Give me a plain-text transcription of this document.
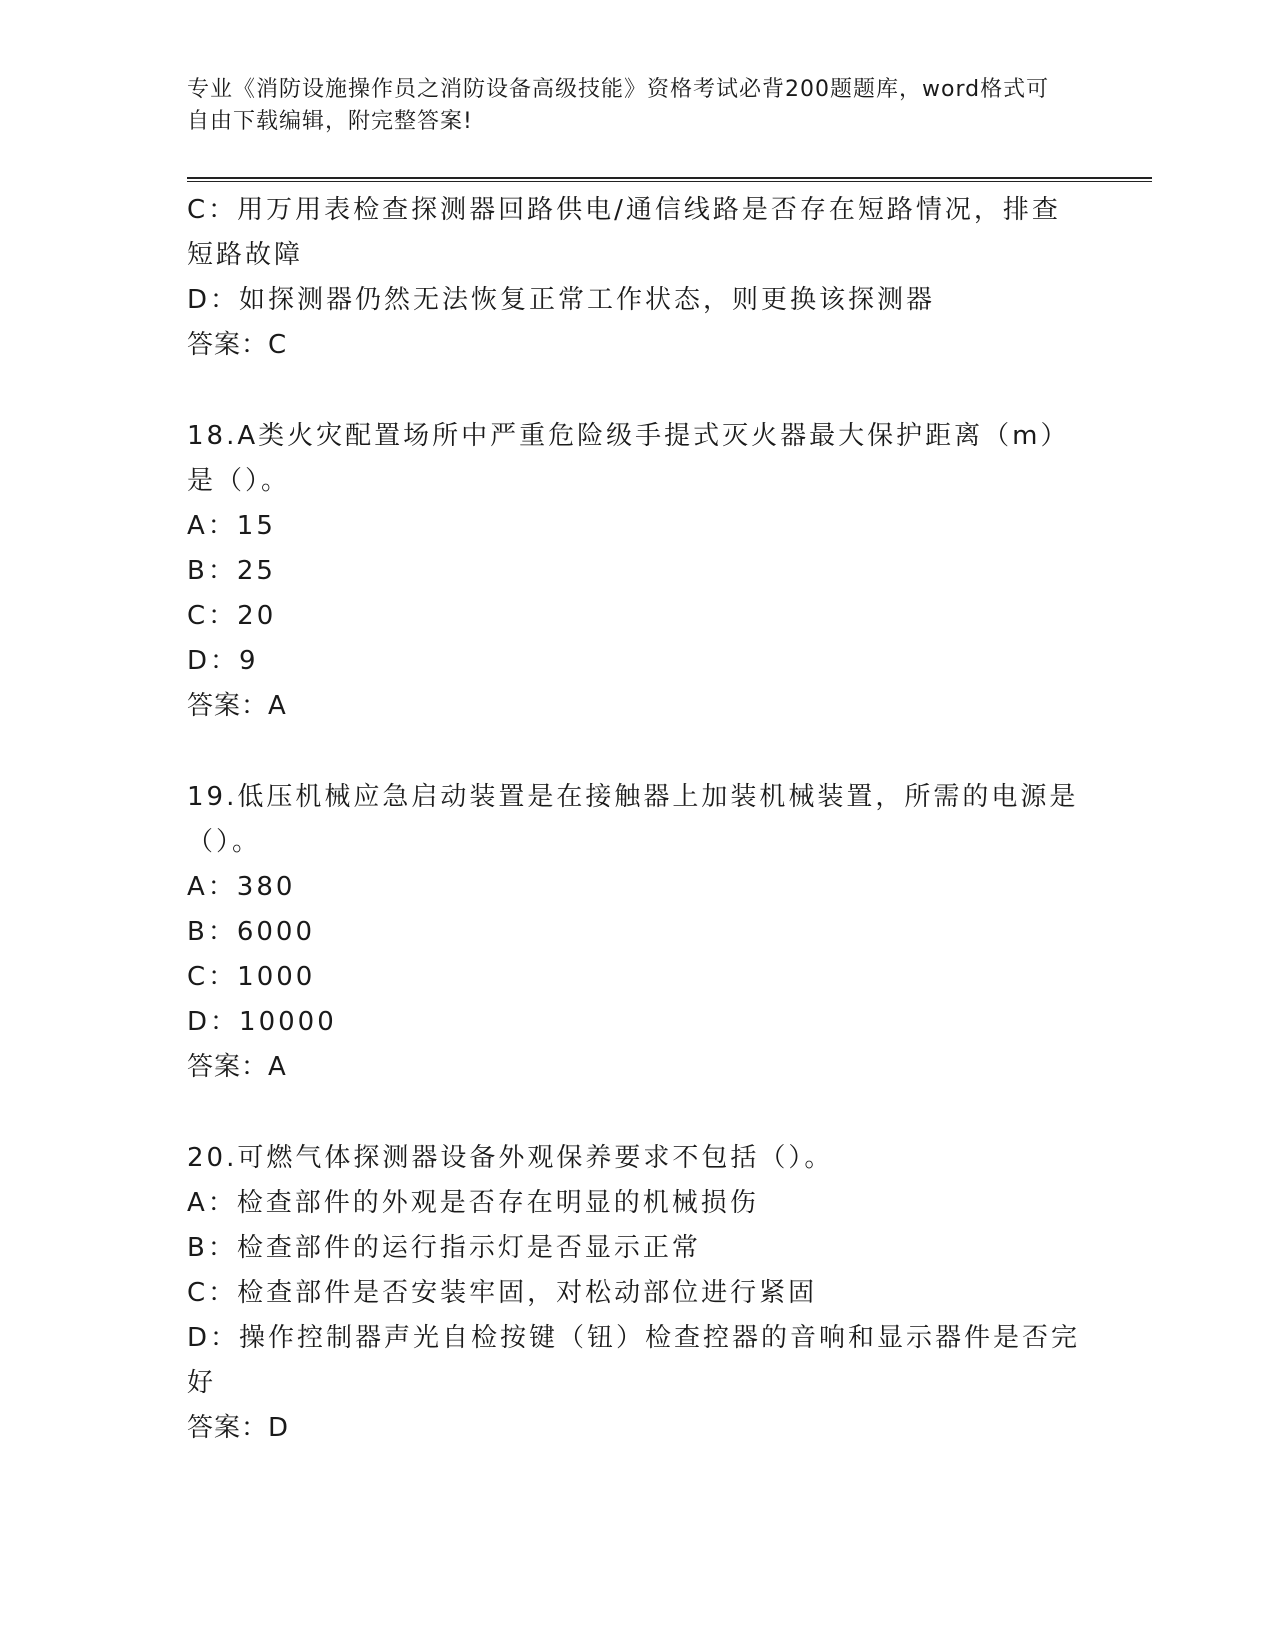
专业《消防设施操作员之消防设备高级技能》资格考试必背200题题库，word格式可自由下载编辑，附完整答案!
C：用万用表检查探测器回路供电/通信线路是否存在短路情况，排查短路故障
D：如探测器仍然无法恢复正常工作状态，则更换该探测器
答案：C
18.A类火灾配置场所中严重危险级手提式灭火器最大保护距离（m）是（）。
A：15
B：25
C：20
D：9
答案：A
19.低压机械应急启动装置是在接触器上加装机械装置，所需的电源是（）。
A：380
B：6000
C：1000
D：10000
答案：A
20.可燃气体探测器设备外观保养要求不包括（）。
A：检查部件的外观是否存在明显的机械损伤
B：检查部件的运行指示灯是否显示正常
C：检查部件是否安装牢固，对松动部位进行紧固
D：操作控制器声光自检按键（钮）检查控器的音响和显示器件是否完好
答案：D
